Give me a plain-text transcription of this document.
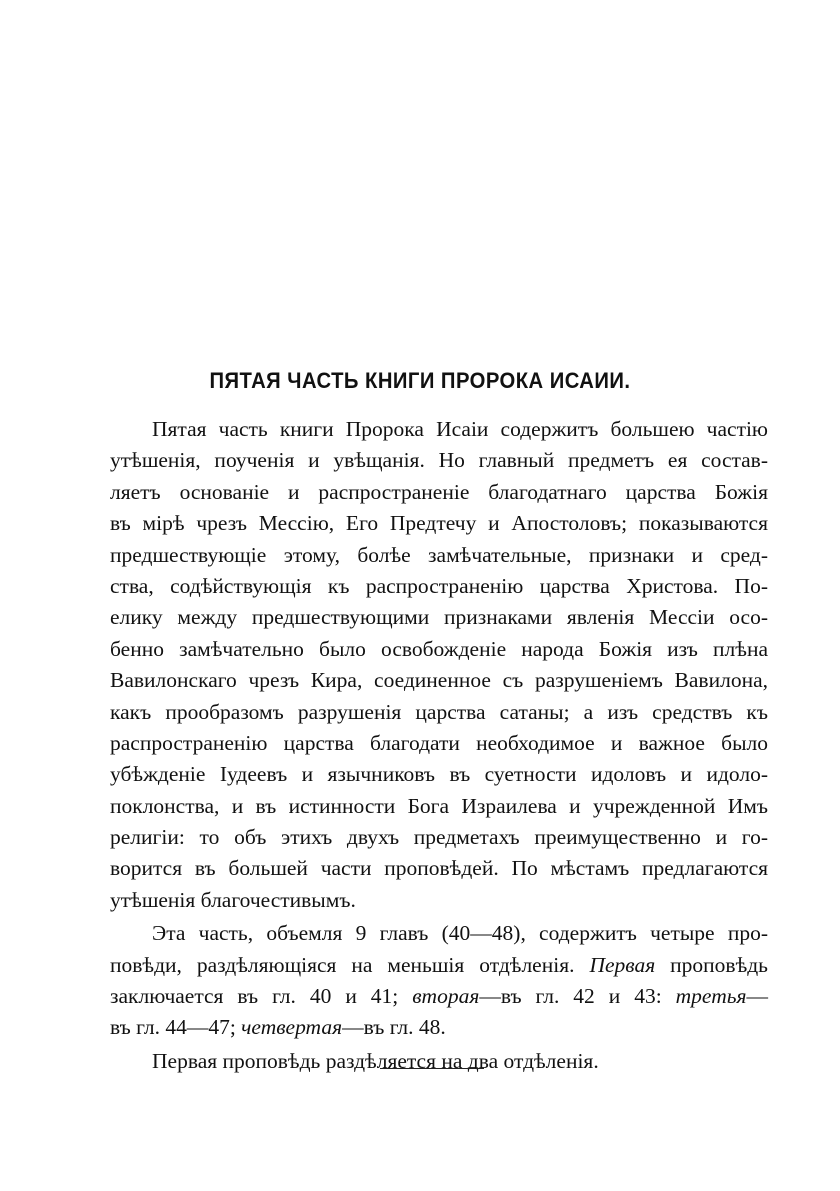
ПЯТАЯ ЧАСТЬ КНИГИ ПРОРОКА ИСАИИ.
Пятая часть книги Пророка Исаіи содержитъ большею частію
утѣшенія, поученія и увѣщанія. Но главный предметъ ея состав-
ляетъ основаніе и распространеніе благодатнаго царства Божія
въ мірѣ чрезъ Мессію, Его Предтечу и Апостоловъ; показываются
предшествующіе этому, болѣе замѣчательные, признаки и сред-
ства, содѣйствующія къ распространенію царства Христова. По-
елику между предшествующими признаками явленія Мессіи осо-
бенно замѣчательно было освобожденіе народа Божія изъ плѣна
Вавилонскаго чрезъ Кира, соединенное съ разрушеніемъ Вавилона,
какъ прообразомъ разрушенія царства сатаны; а изъ средствъ къ
распространенію царства благодати необходимое и важное было
убѣжденіе Іудеевъ и язычниковъ въ суетности идоловъ и идоло-
поклонства, и въ истинности Бога Израилева и учрежденной Имъ
религіи: то объ этихъ двухъ предметахъ преимущественно и го-
ворится въ большей части проповѣдей. По мѣстамъ предлагаются
утѣшенія благочестивымъ.
Эта часть, объемля 9 главъ (40—48), содержитъ четыре про-
повѣди, раздѣляющіяся на меньшія отдѣленія. Первая проповѣдь
заключается въ гл. 40 и 41; вторая—въ гл. 42 и 43: третья—
въ гл. 44—47; четвертая—въ гл. 48.
Первая проповѣдь раздѣляется на два отдѣленія.
